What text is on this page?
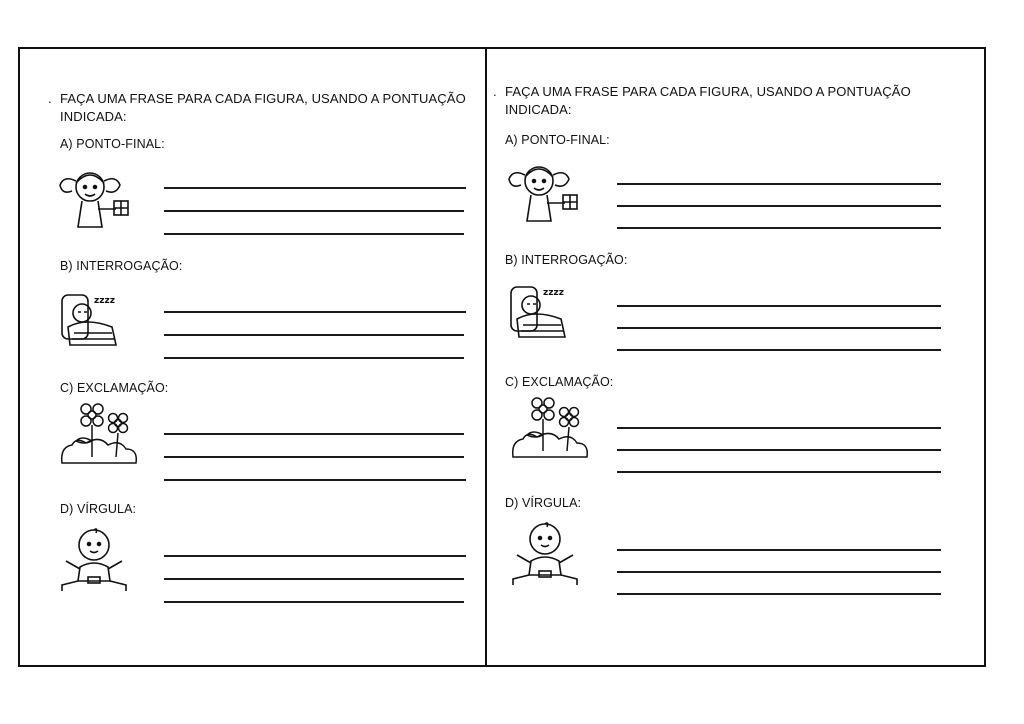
. FAÇA UMA FRASE PARA CADA FIGURA, USANDO A PONTUAÇÃO
INDICADA:
A) PONTO-FINAL:
B) INTERROGAÇÃO:
zzzz
C) EXCLAMAÇÃO:
D) VÍRGULA:
. FAÇA UMA FRASE PARA CADA FIGURA, USANDO A PONTUAÇÃO
INDICADA:
A) PONTO-FINAL:
B) INTERROGAÇÃO:
zzzz
C) EXCLAMAÇÃO:
D) VÍRGULA:
